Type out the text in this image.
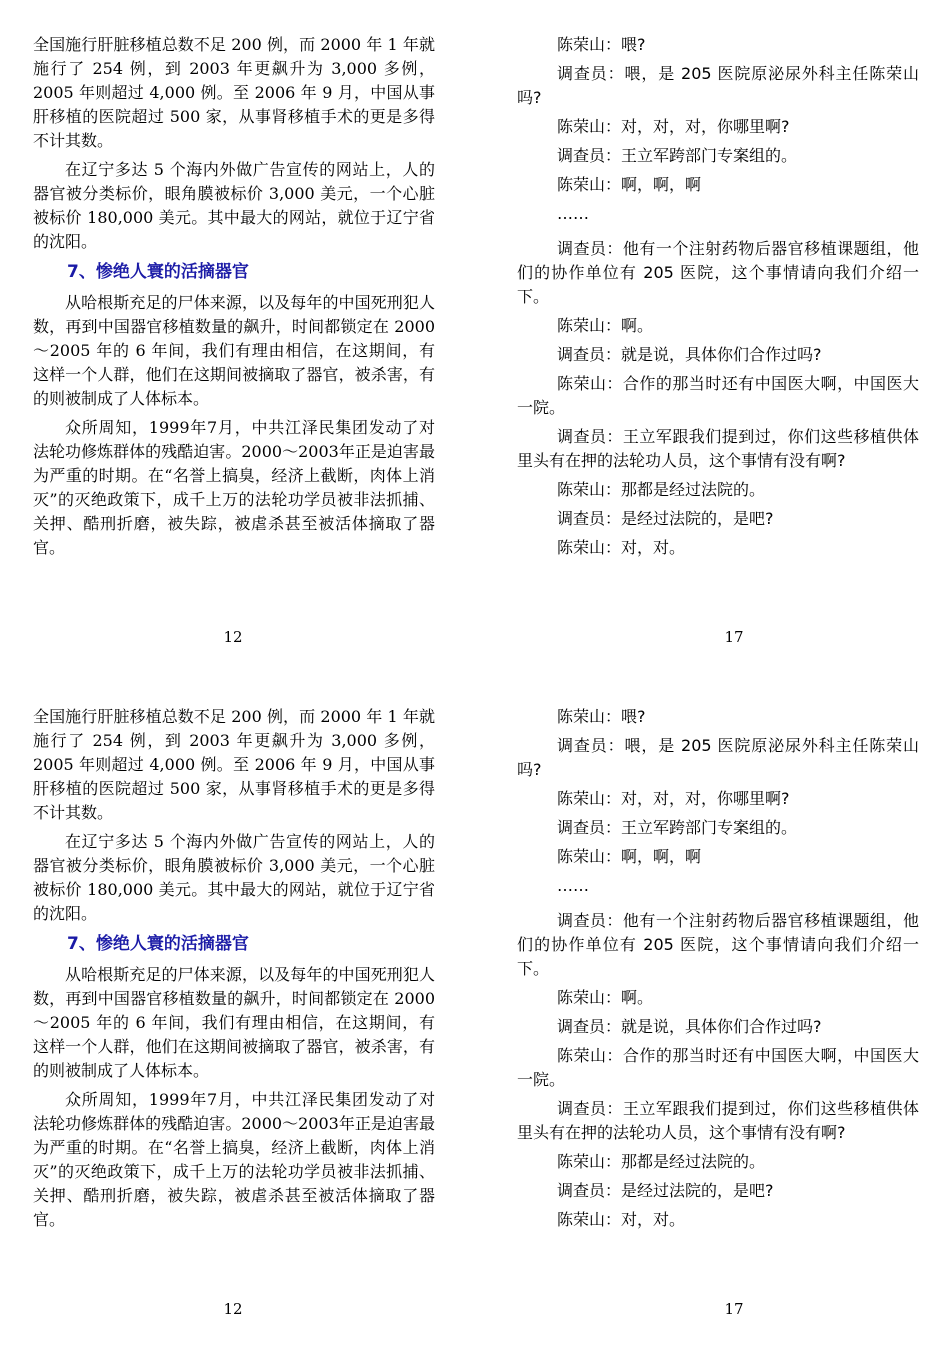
全国施行肝脏移植总数不足 200 例，而 2000 年 1 年就施行了 254 例，到 2003 年更飙升为 3,000 多例，2005 年则超过 4,000 例。至 2006 年 9 月，中国从事肝移植的医院超过 500 家，从事肾移植手术的更是多得不计其数。

在辽宁多达 5 个海内外做广告宣传的网站上，人的器官被分类标价，眼角膜被标价 3,000 美元，一个心脏被标价 180,000 美元。其中最大的网站，就位于辽宁省的沈阳。

7、惨绝人寰的活摘器官

从哈根斯充足的尸体来源，以及每年的中国死刑犯人数，再到中国器官移植数量的飙升，时间都锁定在 2000～2005 年的 6 年间，我们有理由相信，在这期间，有这样一个人群，他们在这期间被摘取了器官，被杀害，有的则被制成了人体标本。

众所周知，1999年7月，中共江泽民集团发动了对法轮功修炼群体的残酷迫害。2000～2003年正是迫害最为严重的时期。在“名誉上搞臭，经济上截断，肉体上消灭”的灭绝政策下，成千上万的法轮功学员被非法抓捕、关押、酷刑折磨，被失踪，被虐杀甚至被活体摘取了器官。

陈荣山：喂?
调查员：喂，是 205 医院原泌尿外科主任陈荣山吗?
陈荣山：对，对，对，你哪里啊?
调查员：王立军跨部门专案组的。
陈荣山：啊，啊，啊
……
调查员：他有一个注射药物后器官移植课题组，他们的协作单位有 205 医院，这个事情请向我们介绍一下。
陈荣山：啊。
调查员：就是说，具体你们合作过吗?
陈荣山：合作的那当时还有中国医大啊，中国医大一院。
调查员：王立军跟我们提到过，你们这些移植供体里头有在押的法轮功人员，这个事情有没有啊?
陈荣山：那都是经过法院的。
调查员：是经过法院的，是吧?
陈荣山：对，对。
12	17

全国施行肝脏移植总数不足 200 例，而 2000 年 1 年就施行了 254 例，到 2003 年更飙升为 3,000 多例，2005 年则超过 4,000 例。至 2006 年 9 月，中国从事肝移植的医院超过 500 家，从事肾移植手术的更是多得不计其数。

在辽宁多达 5 个海内外做广告宣传的网站上，人的器官被分类标价，眼角膜被标价 3,000 美元，一个心脏被标价 180,000 美元。其中最大的网站，就位于辽宁省的沈阳。

7、惨绝人寰的活摘器官

从哈根斯充足的尸体来源，以及每年的中国死刑犯人数，再到中国器官移植数量的飙升，时间都锁定在 2000～2005 年的 6 年间，我们有理由相信，在这期间，有这样一个人群，他们在这期间被摘取了器官，被杀害，有的则被制成了人体标本。

众所周知，1999年7月，中共江泽民集团发动了对法轮功修炼群体的残酷迫害。2000～2003年正是迫害最为严重的时期。在“名誉上搞臭，经济上截断，肉体上消灭”的灭绝政策下，成千上万的法轮功学员被非法抓捕、关押、酷刑折磨，被失踪，被虐杀甚至被活体摘取了器官。

陈荣山：喂?
调查员：喂，是 205 医院原泌尿外科主任陈荣山吗?
陈荣山：对，对，对，你哪里啊?
调查员：王立军跨部门专案组的。
陈荣山：啊，啊，啊
……
调查员：他有一个注射药物后器官移植课题组，他们的协作单位有 205 医院，这个事情请向我们介绍一下。
陈荣山：啊。
调查员：就是说，具体你们合作过吗?
陈荣山：合作的那当时还有中国医大啊，中国医大一院。
调查员：王立军跟我们提到过，你们这些移植供体里头有在押的法轮功人员，这个事情有没有啊?
陈荣山：那都是经过法院的。
调查员：是经过法院的，是吧?
陈荣山：对，对。
12	17
